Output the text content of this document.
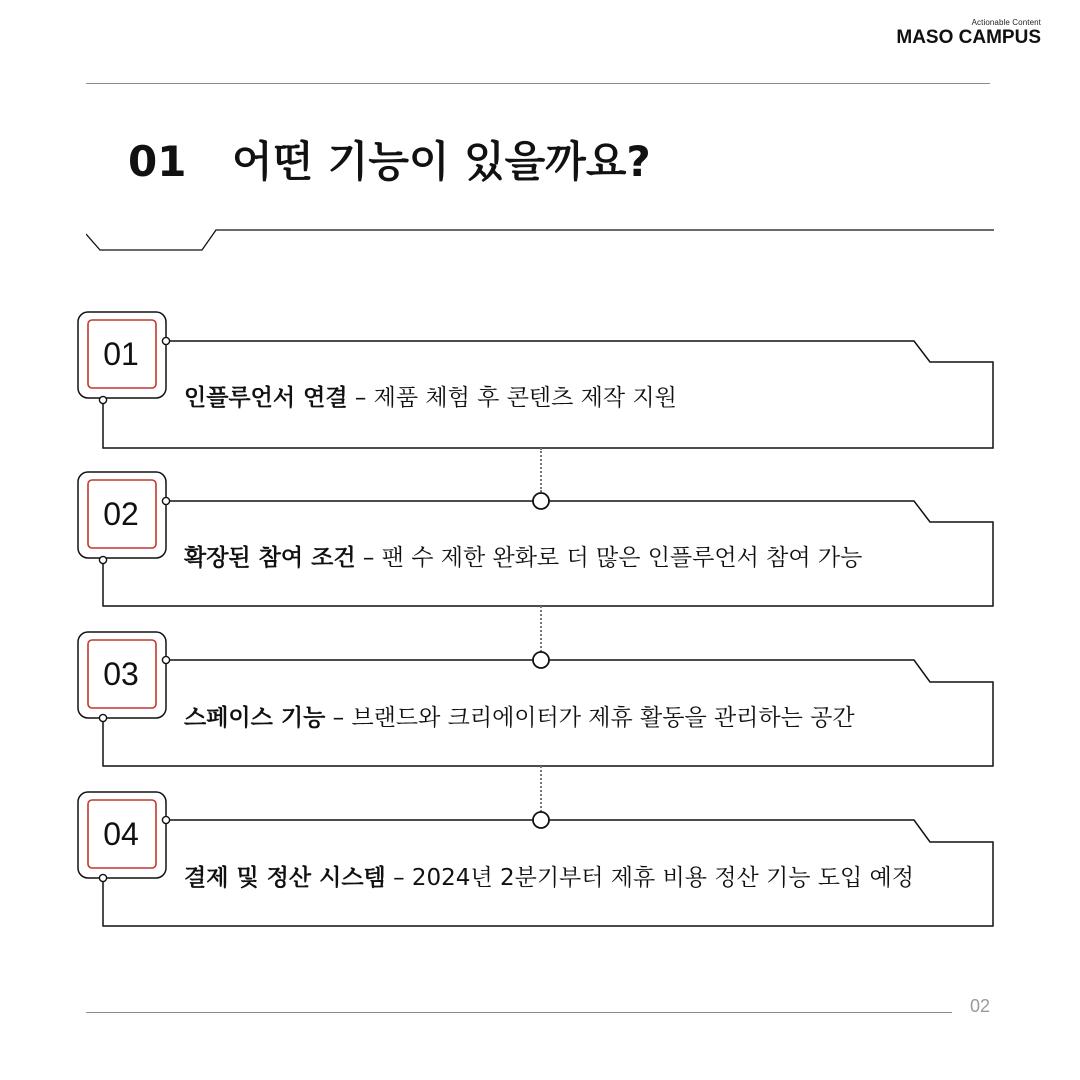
Actionable Content
MASO CAMPUS
01 어떤 기능이 있을까요?
01
인플루언서 연결 – 제품 체험 후 콘텐츠 제작 지원
02
확장된 참여 조건 – 팬 수 제한 완화로 더 많은 인플루언서 참여 가능
03
스페이스 기능 – 브랜드와 크리에이터가 제휴 활동을 관리하는 공간
04
결제 및 정산 시스템 – 2024년 2분기부터 제휴 비용 정산 기능 도입 예정
02
